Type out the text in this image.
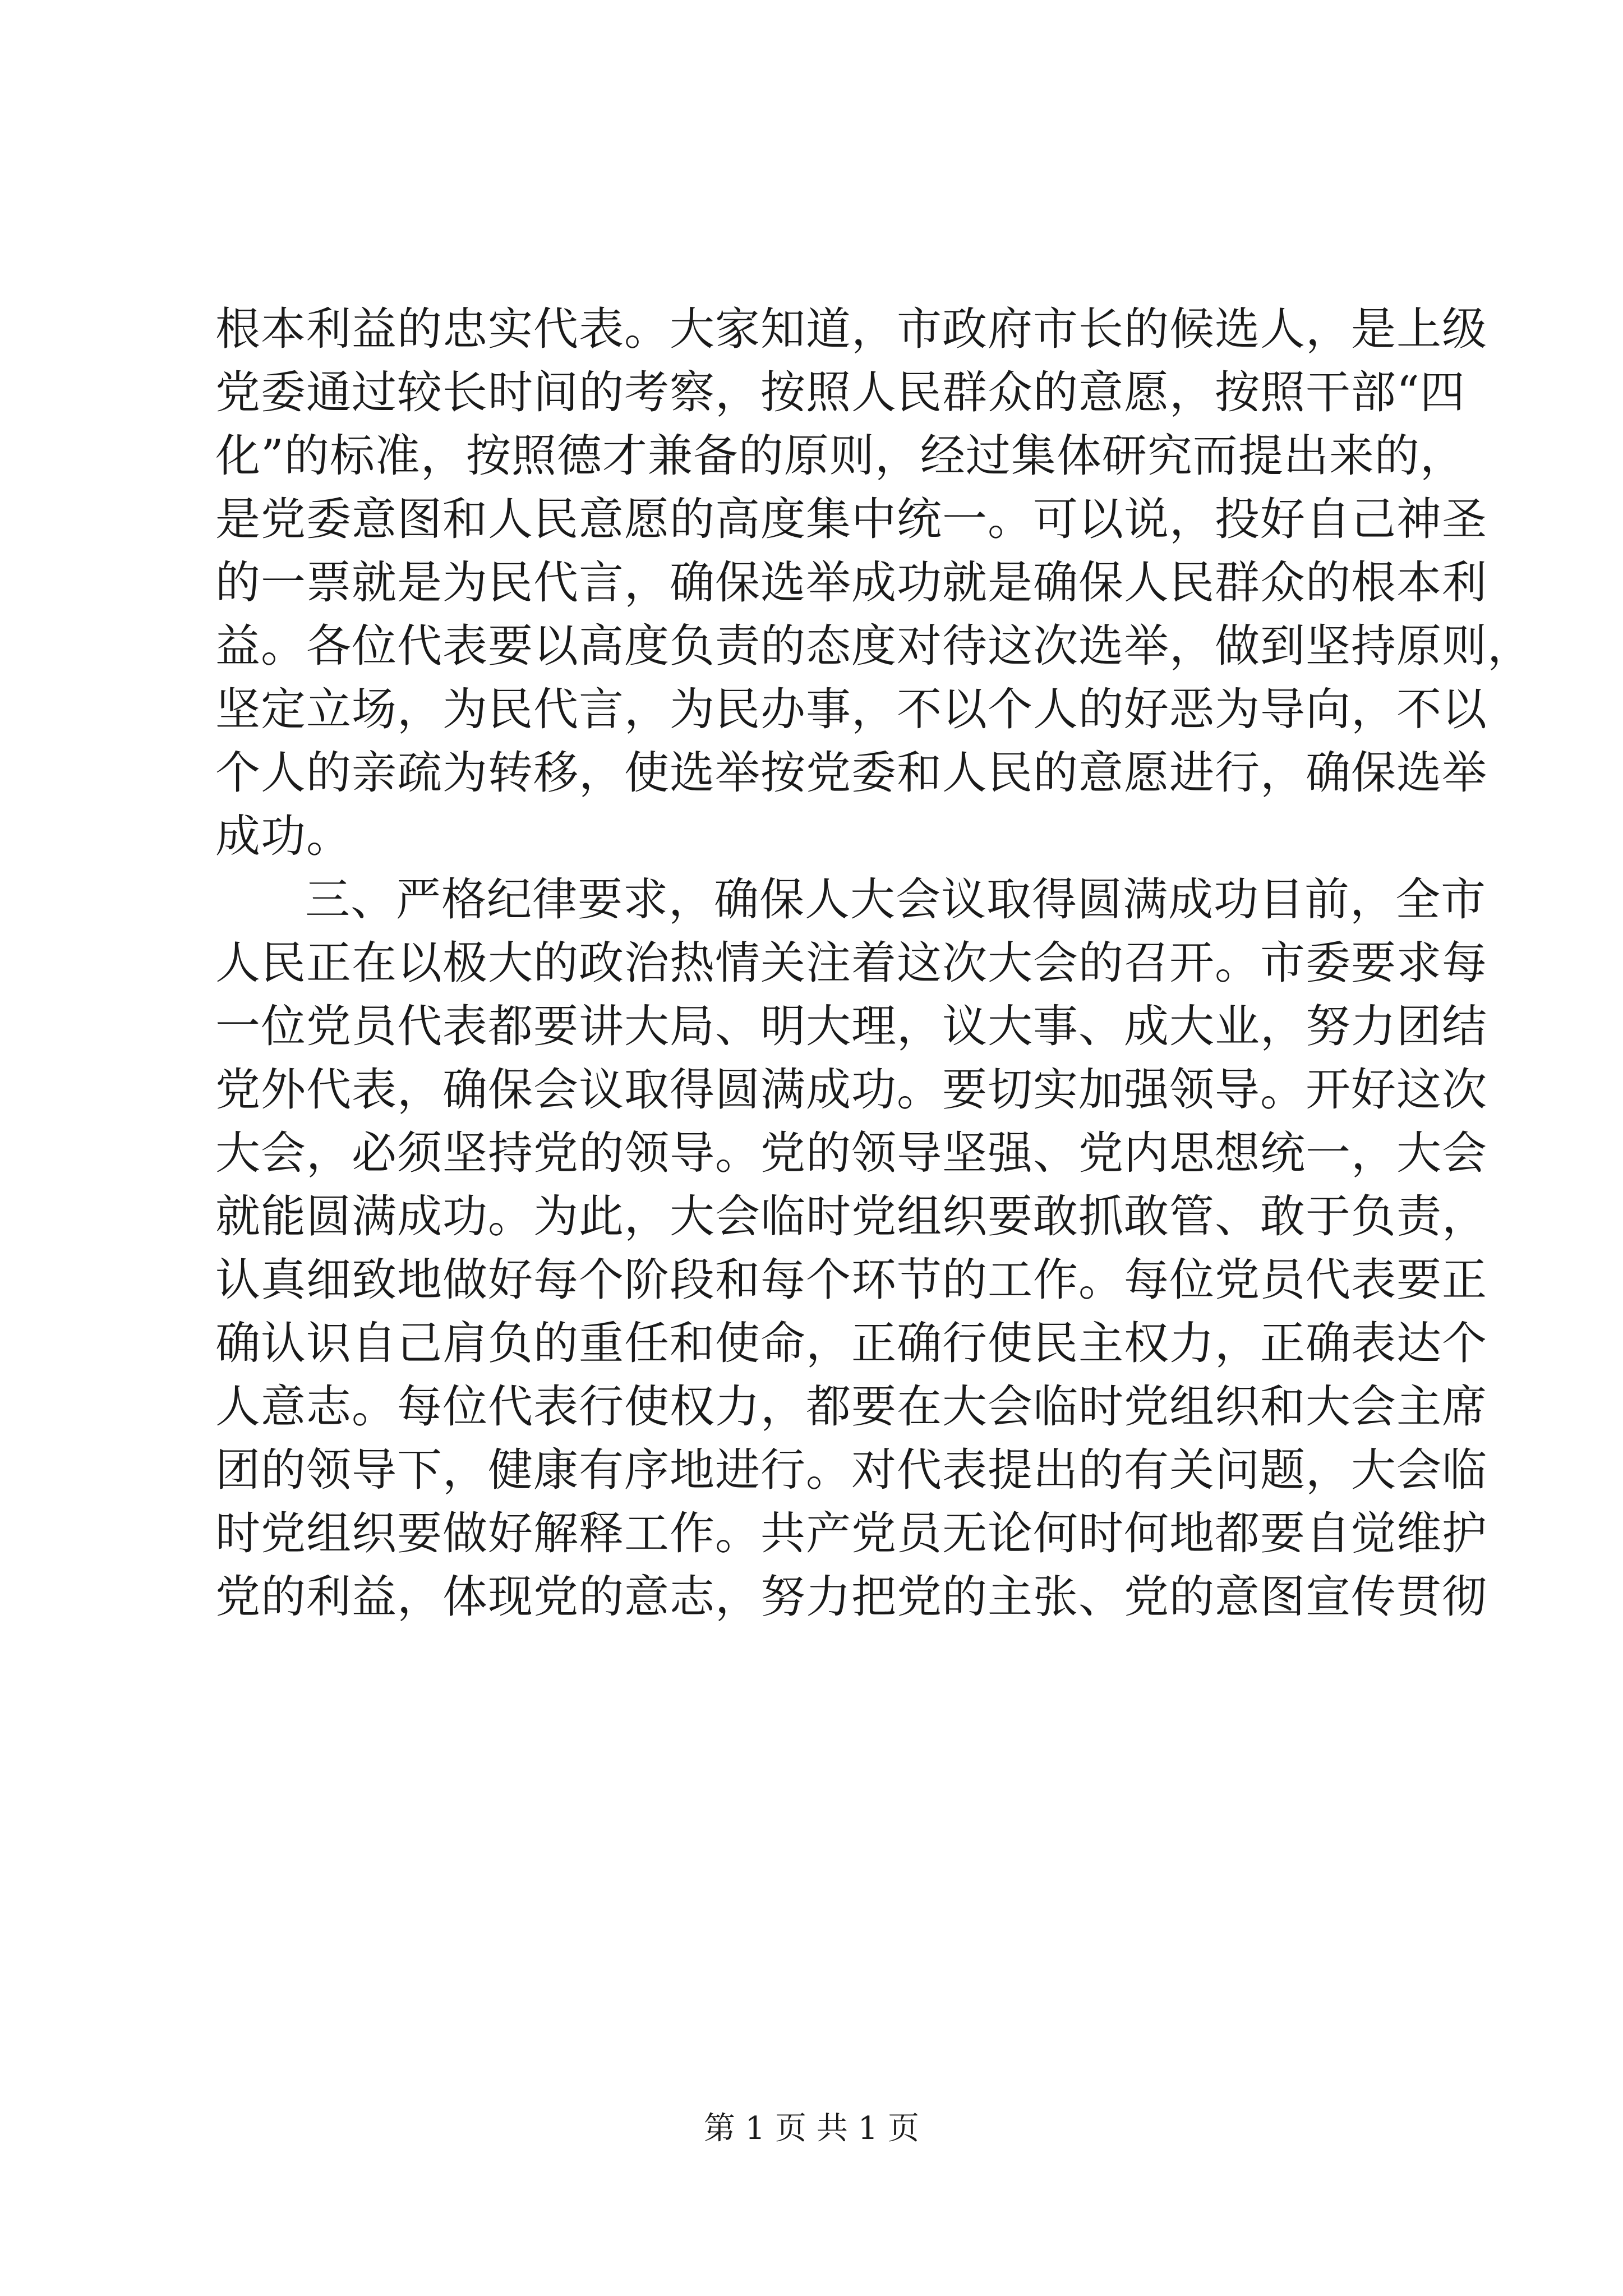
根本利益的忠实代表。大家知道，市政府市长的候选人，是上级
党委通过较长时间的考察，按照人民群众的意愿，按照干部“四
化”的标准，按照德才兼备的原则，经过集体研究而提出来的，
是党委意图和人民意愿的高度集中统一。可以说，投好自己神圣
的一票就是为民代言，确保选举成功就是确保人民群众的根本利
益。各位代表要以高度负责的态度对待这次选举，做到坚持原则，
坚定立场，为民代言，为民办事，不以个人的好恶为导向，不以
个人的亲疏为转移，使选举按党委和人民的意愿进行，确保选举
成功。
三、严格纪律要求，确保人大会议取得圆满成功目前，全市
人民正在以极大的政治热情关注着这次大会的召开。市委要求每
一位党员代表都要讲大局、明大理，议大事、成大业，努力团结
党外代表，确保会议取得圆满成功。要切实加强领导。开好这次
大会，必须坚持党的领导。党的领导坚强、党内思想统一，大会
就能圆满成功。为此，大会临时党组织要敢抓敢管、敢于负责，
认真细致地做好每个阶段和每个环节的工作。每位党员代表要正
确认识自己肩负的重任和使命，正确行使民主权力，正确表达个
人意志。每位代表行使权力，都要在大会临时党组织和大会主席
团的领导下，健康有序地进行。对代表提出的有关问题，大会临
时党组织要做好解释工作。共产党员无论何时何地都要自觉维护
党的利益，体现党的意志，努力把党的主张、党的意图宣传贯彻
第 1 页 共 1 页
